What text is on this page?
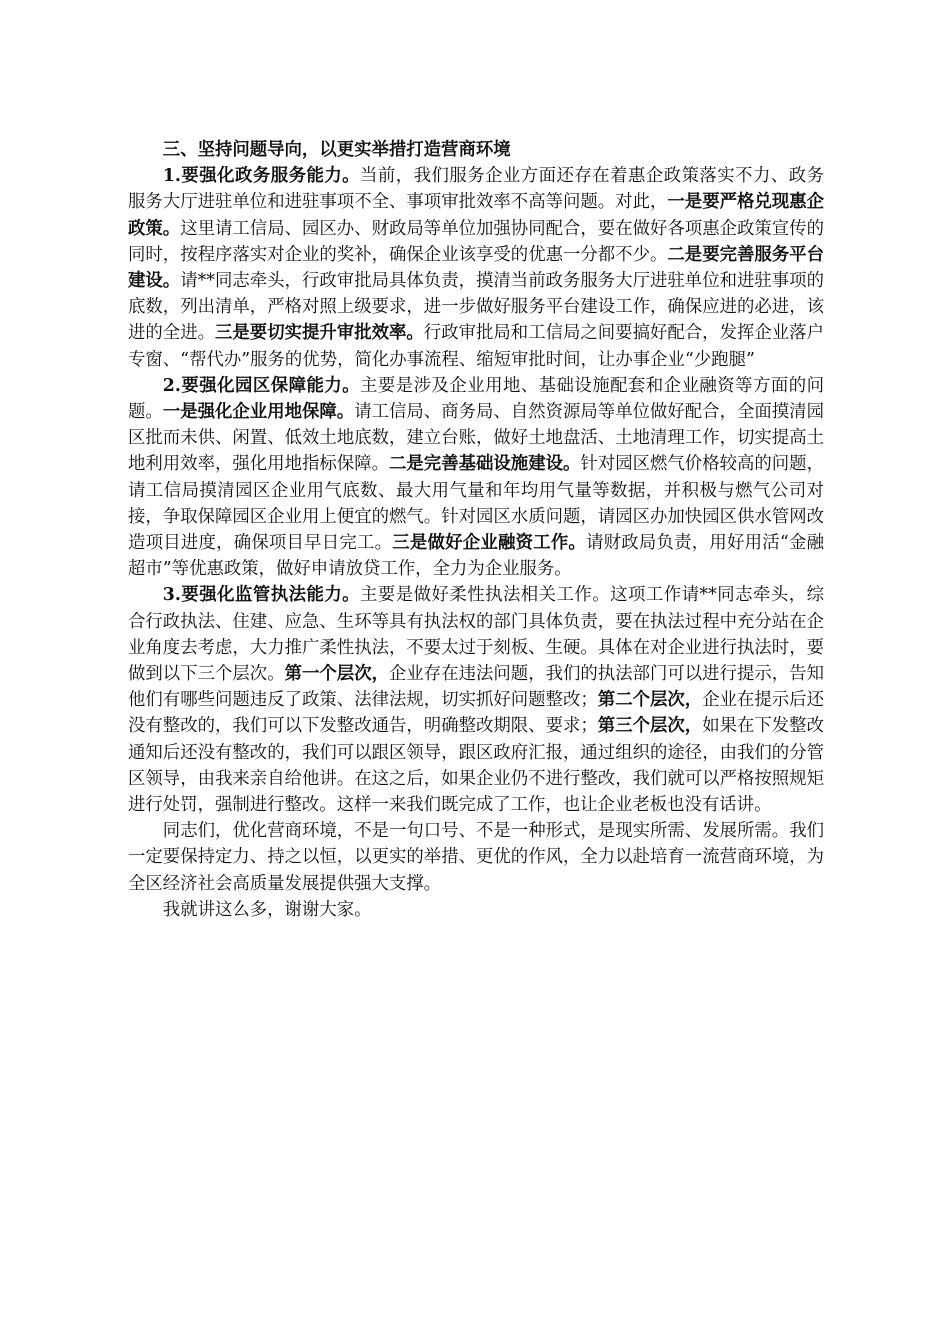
三、坚持问题导向，以更实举措打造营商环境

1.要强化政务服务能力。当前，我们服务企业方面还存在着惠企政策落实不力、政务服务大厅进驻单位和进驻事项不全、事项审批效率不高等问题。对此，一是要严格兑现惠企政策。这里请工信局、园区办、财政局等单位加强协同配合，要在做好各项惠企政策宣传的同时，按程序落实对企业的奖补，确保企业该享受的优惠一分都不少。二是要完善服务平台建设。请**同志牵头，行政审批局具体负责，摸清当前政务服务大厅进驻单位和进驻事项的底数，列出清单，严格对照上级要求，进一步做好服务平台建设工作，确保应进的必进，该进的全进。三是要切实提升审批效率。行政审批局和工信局之间要搞好配合，发挥企业落户专窗、“帮代办”服务的优势，简化办事流程、缩短审批时间，让办事企业“少跑腿”

2.要强化园区保障能力。主要是涉及企业用地、基础设施配套和企业融资等方面的问题。一是强化企业用地保障。请工信局、商务局、自然资源局等单位做好配合，全面摸清园区批而未供、闲置、低效土地底数，建立台账，做好土地盘活、土地清理工作，切实提高土地利用效率，强化用地指标保障。二是完善基础设施建设。针对园区燃气价格较高的问题，请工信局摸清园区企业用气底数、最大用气量和年均用气量等数据，并积极与燃气公司对接，争取保障园区企业用上便宜的燃气。针对园区水质问题，请园区办加快园区供水管网改造项目进度，确保项目早日完工。三是做好企业融资工作。请财政局负责，用好用活“金融超市”等优惠政策，做好申请放贷工作，全力为企业服务。

3.要强化监管执法能力。主要是做好柔性执法相关工作。这项工作请**同志牵头，综合行政执法、住建、应急、生环等具有执法权的部门具体负责，要在执法过程中充分站在企业角度去考虑，大力推广柔性执法，不要太过于刻板、生硬。具体在对企业进行执法时，要做到以下三个层次。第一个层次，企业存在违法问题，我们的执法部门可以进行提示，告知他们有哪些问题违反了政策、法律法规，切实抓好问题整改；第二个层次，企业在提示后还没有整改的，我们可以下发整改通告，明确整改期限、要求；第三个层次，如果在下发整改通知后还没有整改的，我们可以跟区领导，跟区政府汇报，通过组织的途径，由我们的分管区领导，由我来亲自给他讲。在这之后，如果企业仍不进行整改，我们就可以严格按照规矩进行处罚，强制进行整改。这样一来我们既完成了工作，也让企业老板也没有话讲。

同志们，优化营商环境，不是一句口号、不是一种形式，是现实所需、发展所需。我们一定要保持定力、持之以恒，以更实的举措、更优的作风，全力以赴培育一流营商环境，为全区经济社会高质量发展提供强大支撑。

我就讲这么多，谢谢大家。
